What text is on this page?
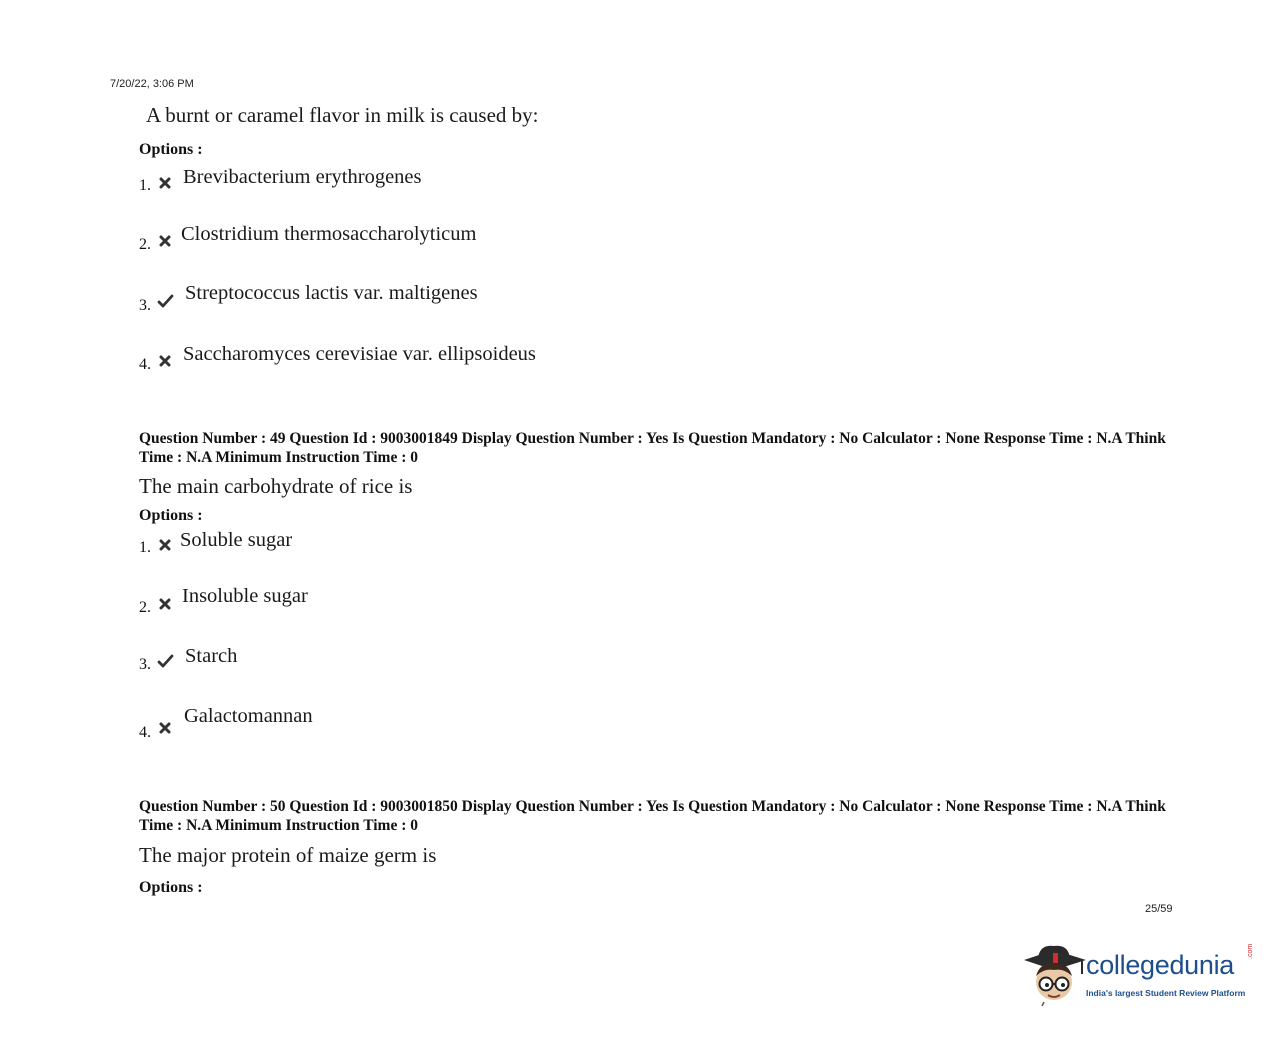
7/20/22, 3:06 PM
A burnt or caramel flavor in milk is caused by:
Options :
1. Brevibacterium erythrogenes
2. Clostridium thermosaccharolyticum
3.
Streptococcus lactis var. maltigenes
4. Saccharomyces cerevisiae var. ellipsoideus
Question Number : 49 Question Id : 9003001849 Display Question Number : Yes Is Question Mandatory : No Calculator : None Response Time : N.A Think Time : N.A Minimum Instruction Time : 0
The main carbohydrate of rice is
Options :
1. Soluble sugar
2.
Insoluble sugar
3. Starch
4.
Galactomannan
Question Number : 50 Question Id : 9003001850 Display Question Number : Yes Is Question Mandatory : No Calculator : None Response Time : N.A Think Time : N.A Minimum Instruction Time : 0
The major protein of maize germ is
Options :
25/59
collegedunia .com
India's largest Student Review Platform
